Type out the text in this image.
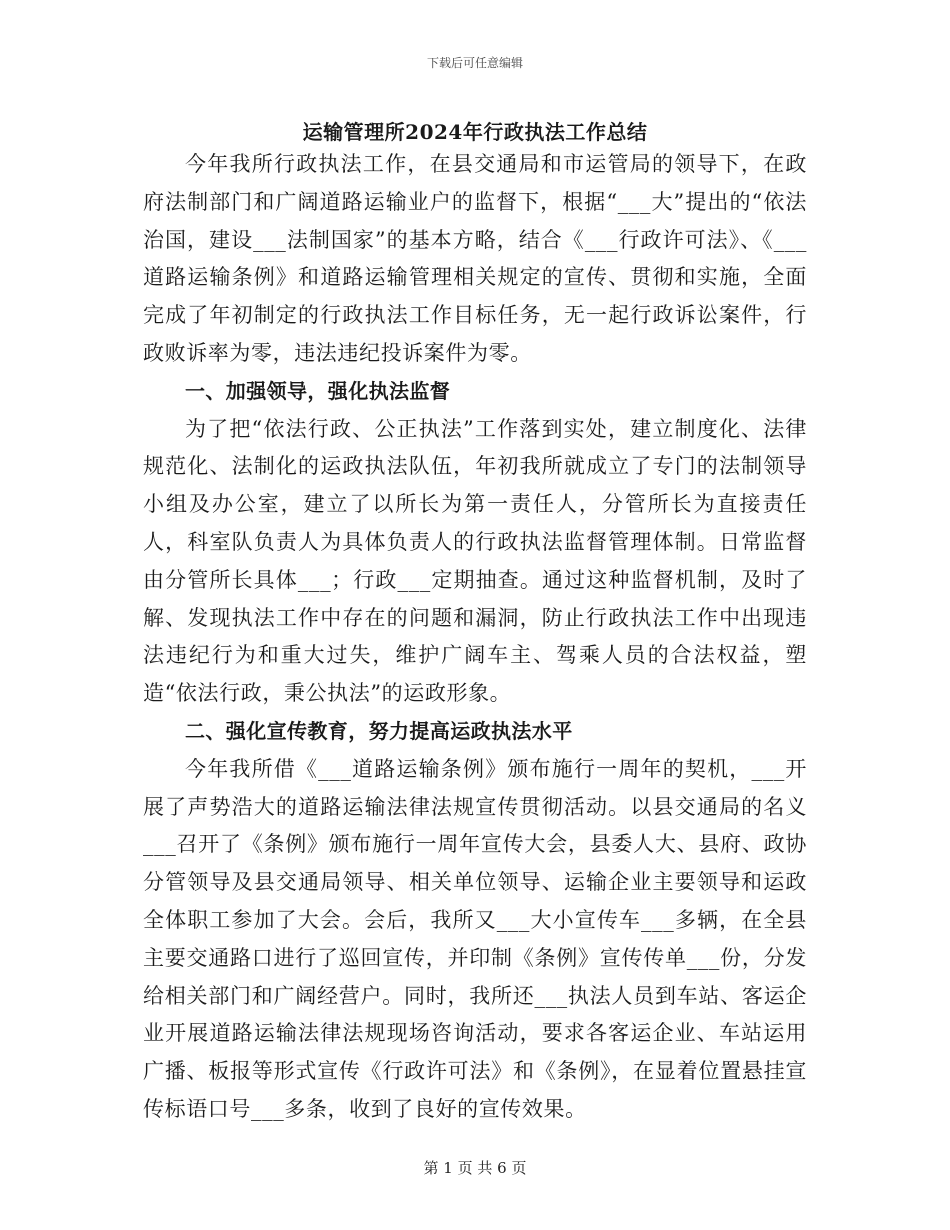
下载后可任意编辑
运输管理所2024年行政执法工作总结

今年我所行政执法工作，在县交通局和市运管局的领导下，在政府法制部门和广阔道路运输业户的监督下，根据“___大”提出的“依法治国，建设___法制国家”的基本方略，结合《___行政许可法》、《___道路运输条例》和道路运输管理相关规定的宣传、贯彻和实施，全面完成了年初制定的行政执法工作目标任务，无一起行政诉讼案件，行政败诉率为零，违法违纪投诉案件为零。

一、加强领导，强化执法监督

为了把“依法行政、公正执法”工作落到实处，建立制度化、法律规范化、法制化的运政执法队伍，年初我所就成立了专门的法制领导小组及办公室，建立了以所长为第一责任人，分管所长为直接责任人，科室队负责人为具体负责人的行政执法监督管理体制。日常监督由分管所长具体___；行政___定期抽查。通过这种监督机制，及时了解、发现执法工作中存在的问题和漏洞，防止行政执法工作中出现违法违纪行为和重大过失，维护广阔车主、驾乘人员的合法权益，塑造“依法行政，秉公执法”的运政形象。

二、强化宣传教育，努力提高运政执法水平

今年我所借《___道路运输条例》颁布施行一周年的契机，___开展了声势浩大的道路运输法律法规宣传贯彻活动。以县交通局的名义___召开了《条例》颁布施行一周年宣传大会，县委人大、县府、政协分管领导及县交通局领导、相关单位领导、运输企业主要领导和运政全体职工参加了大会。会后，我所又___大小宣传车___多辆，在全县主要交通路口进行了巡回宣传，并印制《条例》宣传传单___份，分发给相关部门和广阔经营户。同时，我所还___执法人员到车站、客运企业开展道路运输法律法规现场咨询活动，要求各客运企业、车站运用广播、板报等形式宣传《行政许可法》和《条例》，在显着位置悬挂宣传标语口号___多条，收到了良好的宣传效果。

第 1 页 共 6 页
